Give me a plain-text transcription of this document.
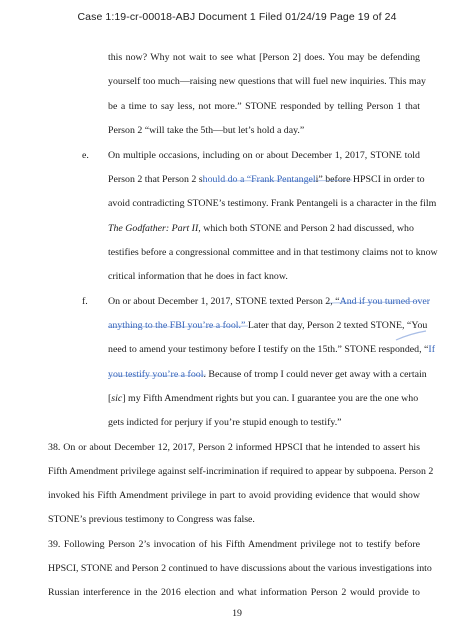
Case 1:19-cr-00018-ABJ Document 1 Filed 01/24/19 Page 19 of 24
this now? Why not wait to see what [Person 2] does. You may be defending
yourself too much—raising new questions that will fuel new inquiries. This may
be a time to say less, not more.” STONE responded by telling Person 1 that
Person 2 “will take the 5th—but let’s hold a day.”
e. On multiple occasions, including on or about December 1, 2017, STONE told
Person 2 that Person 2 should do a “Frank Pentangeli” before HPSCI in order to
avoid contradicting STONE’s testimony. Frank Pentangeli is a character in the film
The Godfather: Part II, which both STONE and Person 2 had discussed, who
testifies before a congressional committee and in that testimony claims not to know
critical information that he does in fact know.
f. On or about December 1, 2017, STONE texted Person 2, “And if you turned over
anything to the FBI you’re a fool.” Later that day, Person 2 texted STONE, “You
need to amend your testimony before I testify on the 15th.” STONE responded, “If
you testify you’re a fool. Because of tromp I could never get away with a certain
[sic] my Fifth Amendment rights but you can. I guarantee you are the one who
gets indicted for perjury if you’re stupid enough to testify.”
38. On or about December 12, 2017, Person 2 informed HPSCI that he intended to assert his
Fifth Amendment privilege against self-incrimination if required to appear by subpoena. Person 2
invoked his Fifth Amendment privilege in part to avoid providing evidence that would show
STONE’s previous testimony to Congress was false.
39. Following Person 2’s invocation of his Fifth Amendment privilege not to testify before
HPSCI, STONE and Person 2 continued to have discussions about the various investigations into
Russian interference in the 2016 election and what information Person 2 would provide to
19
